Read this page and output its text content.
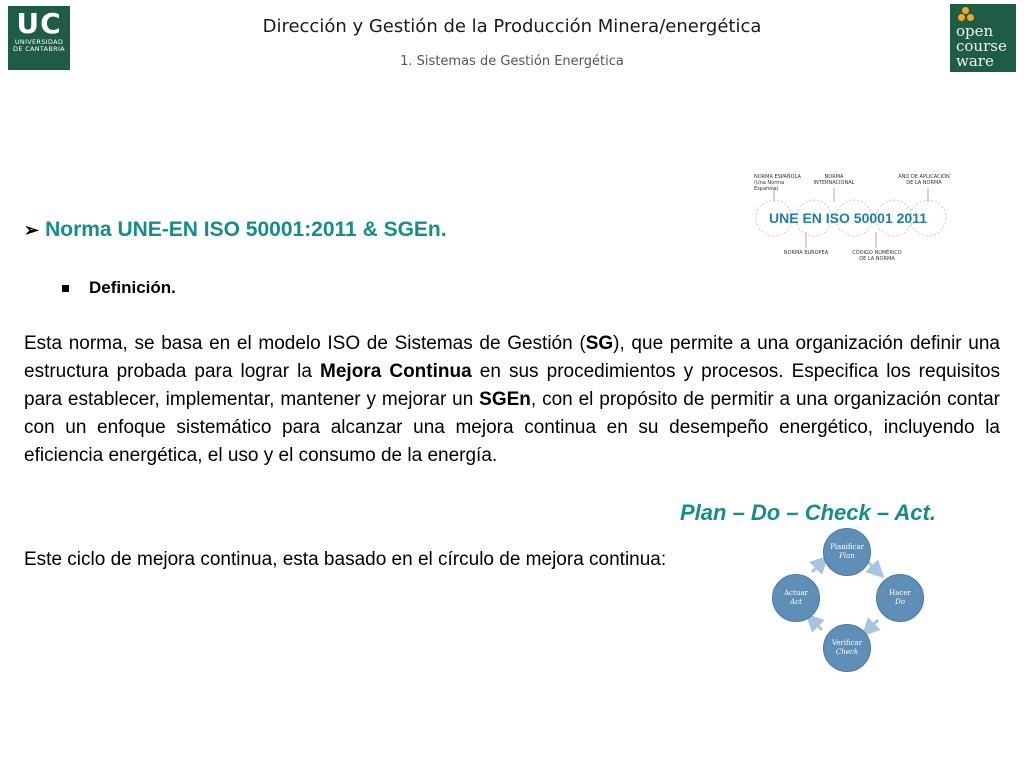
UC
UNIVERSIDAD
DE CANTABRIA
Dirección y Gestión de la Producción Minera/energética
1. Sistemas de Gestión Energética
open
course
ware
NORMA ESPAÑOLA
(Una Norma Española)
NORMA INTERNACIONAL
AÑO DE APLICACIÓN DE LA NORMA
UNE EN ISO 50001 2011
NORMA EUROPEA	CÓDIGO NUMÉRICO DE LA NORMA
➢ Norma UNE-EN ISO 50001:2011 & SGEn.
Definición.

Esta norma, se basa en el modelo ISO de Sistemas de Gestión (SG), que permite a una organización definir una estructura probada para lograr la Mejora Continua en sus procedimientos y procesos. Especifica los requisitos para establecer, implementar, mantener y mejorar un SGEn, con el propósito de permitir a una organización contar con un enfoque sistemático para alcanzar una mejora continua en su desempeño energético, incluyendo la eficiencia energética, el uso y el consumo de la energía.

Plan – Do – Check – Act.

Este ciclo de mejora continua, esta basado en el círculo de mejora continua:

Planificar
Plan
Hacer
Do
Verificar
Check
Actuar
Act
